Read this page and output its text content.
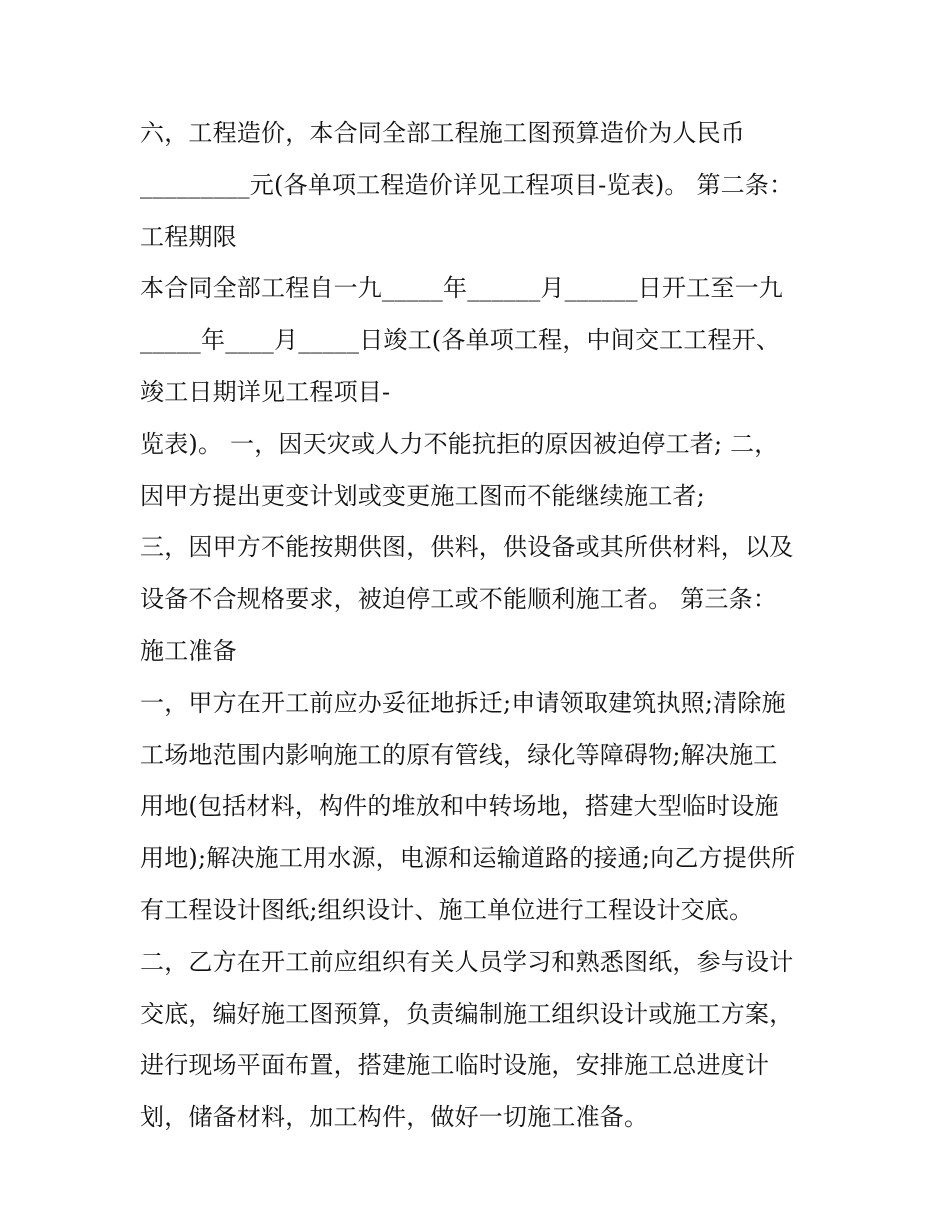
六，工程造价，本合同全部工程施工图预算造价为人民币
_________元(各单项工程造价详见工程项目-览表)。 第二条：
工程期限
本合同全部工程自一九_____年______月______日开工至一九
_____年____月_____日竣工(各单项工程，中间交工工程开、
竣工日期详见工程项目-
览表)。 一，因天灾或人力不能抗拒的原因被迫停工者; 二，
因甲方提出更变计划或变更施工图而不能继续施工者;
三，因甲方不能按期供图，供料，供设备或其所供材料，以及
设备不合规格要求，被迫停工或不能顺利施工者。 第三条：
施工准备
一，甲方在开工前应办妥征地拆迁;申请领取建筑执照;清除施
工场地范围内影响施工的原有管线，绿化等障碍物;解决施工
用地(包括材料，构件的堆放和中转场地，搭建大型临时设施
用地);解决施工用水源，电源和运输道路的接通;向乙方提供所
有工程设计图纸;组织设计、施工单位进行工程设计交底。
二，乙方在开工前应组织有关人员学习和熟悉图纸，参与设计
交底，编好施工图预算，负责编制施工组织设计或施工方案，
进行现场平面布置，搭建施工临时设施，安排施工总进度计
划，储备材料，加工构件，做好一切施工准备。
